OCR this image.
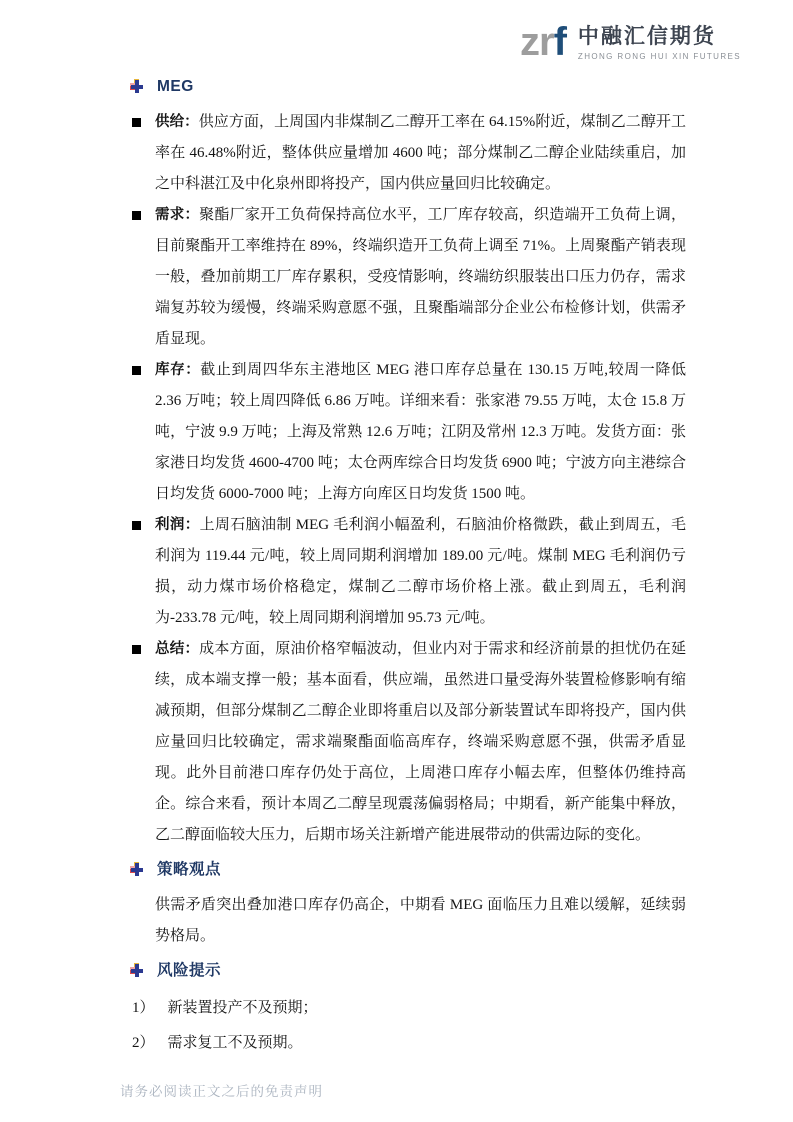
zrf 中融汇信期货
ZHONG RONG HUI XIN FUTURES
MEG
供给：供应方面，上周国内非煤制乙二醇开工率在 64.15%附近，煤制乙二醇开工率在 46.48%附近，整体供应量增加 4600 吨；部分煤制乙二醇企业陆续重启，加之中科湛江及中化泉州即将投产，国内供应量回归比较确定。
需求：聚酯厂家开工负荷保持高位水平，工厂库存较高，织造端开工负荷上调，目前聚酯开工率维持在 89%，终端织造开工负荷上调至 71%。上周聚酯产销表现一般，叠加前期工厂库存累积，受疫情影响，终端纺织服装出口压力仍存，需求端复苏较为缓慢，终端采购意愿不强，且聚酯端部分企业公布检修计划，供需矛盾显现。
库存：截止到周四华东主港地区 MEG 港口库存总量在 130.15 万吨,较周一降低 2.36 万吨；较上周四降低 6.86 万吨。详细来看：张家港 79.55 万吨，太仓 15.8 万吨，宁波 9.9 万吨；上海及常熟 12.6 万吨；江阴及常州 12.3 万吨。发货方面：张家港日均发货 4600-4700 吨；太仓两库综合日均发货 6900 吨；宁波方向主港综合日均发货 6000-7000 吨；上海方向库区日均发货 1500 吨。
利润：上周石脑油制 MEG 毛利润小幅盈利，石脑油价格微跌，截止到周五，毛利润为 119.44 元/吨，较上周同期利润增加 189.00 元/吨。煤制 MEG 毛利润仍亏损，动力煤市场价格稳定，煤制乙二醇市场价格上涨。截止到周五，毛利润为-233.78 元/吨，较上周同期利润增加 95.73 元/吨。
总结：成本方面，原油价格窄幅波动，但业内对于需求和经济前景的担忧仍在延续，成本端支撑一般；基本面看，供应端，虽然进口量受海外装置检修影响有缩减预期，但部分煤制乙二醇企业即将重启以及部分新装置试车即将投产，国内供应量回归比较确定，需求端聚酯面临高库存，终端采购意愿不强，供需矛盾显现。此外目前港口库存仍处于高位，上周港口库存小幅去库，但整体仍维持高企。综合来看，预计本周乙二醇呈现震荡偏弱格局；中期看，新产能集中释放，乙二醇面临较大压力，后期市场关注新增产能进展带动的供需边际的变化。
策略观点
供需矛盾突出叠加港口库存仍高企，中期看 MEG 面临压力且难以缓解，延续弱势格局。
风险提示
1） 新装置投产不及预期；
2） 需求复工不及预期。
请务必阅读正文之后的免责声明
